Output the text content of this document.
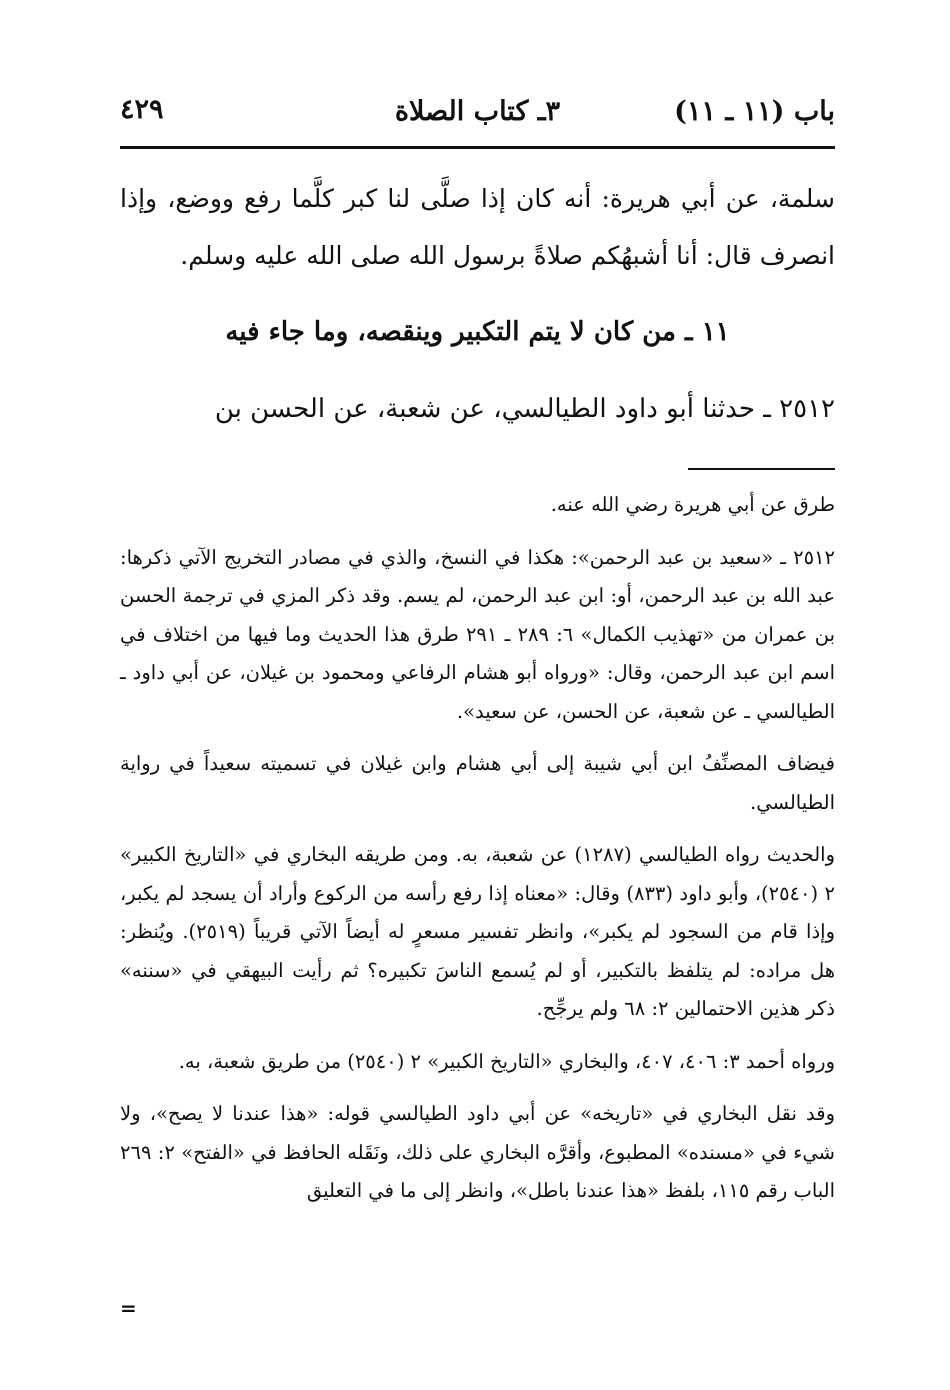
باب (١١ ـ ١١)
٣ـ كتاب الصلاة
٤٢٩

سلمة، عن أبي هريرة: أنه كان إذا صلَّى لنا كبر كلَّما رفع ووضع، وإذا انصرف قال: أنا أشبهُكم صلاةً برسول الله صلى الله عليه وسلم.

١١ ـ من كان لا يتم التكبير وينقصه، وما جاء فيه

٢٥١٢ ـ حدثنا أبو داود الطيالسي، عن شعبة، عن الحسن بن

طرق عن أبي هريرة رضي الله عنه.

٢٥١٢ ـ «سعيد بن عبد الرحمن»: هكذا في النسخ، والذي في مصادر التخريج الآتي ذكرها: عبد الله بن عبد الرحمن، أو: ابن عبد الرحمن، لم يسم. وقد ذكر المزي في ترجمة الحسن بن عمران من «تهذيب الكمال» ٦: ٢٨٩ ـ ٢٩١ طرق هذا الحديث وما فيها من اختلاف في اسم ابن عبد الرحمن، وقال: «ورواه أبو هشام الرفاعي ومحمود بن غيلان، عن أبي داود ـ الطيالسي ـ عن شعبة، عن الحسن، عن سعيد».

فيضاف المصنِّفُ ابن أبي شيبة إلى أبي هشام وابن غيلان في تسميته سعيداً في رواية الطيالسي.

والحديث رواه الطيالسي (١٢٨٧) عن شعبة، به. ومن طريقه البخاري في «التاريخ الكبير» ٢ (٢٥٤٠)، وأبو داود (٨٣٣) وقال: «معناه إذا رفع رأسه من الركوع وأراد أن يسجد لم يكبر، وإذا قام من السجود لم يكبر»، وانظر تفسير مسعرٍ له أيضاً الآتي قريباً (٢٥١٩). ويُنظر: هل مراده: لم يتلفظ بالتكبير، أو لم يُسمع الناسَ تكبيره؟ ثم رأيت البيهقي في «سننه» ذكر هذين الاحتمالين ٢: ٦٨ ولم يرجِّح.

ورواه أحمد ٣: ٤٠٦، ٤٠٧، والبخاري «التاريخ الكبير» ٢ (٢٥٤٠) من طريق شعبة، به.

وقد نقل البخاري في «تاريخه» عن أبي داود الطيالسي قوله: «هذا عندنا لا يصح»، ولا شيء في «مسنده» المطبوع، وأقرَّه البخاري على ذلك، ونَقَله الحافظ في «الفتح» ٢: ٢٦٩ الباب رقم ١١٥، بلفظ «هذا عندنا باطل»، وانظر إلى ما في التعليق

=
